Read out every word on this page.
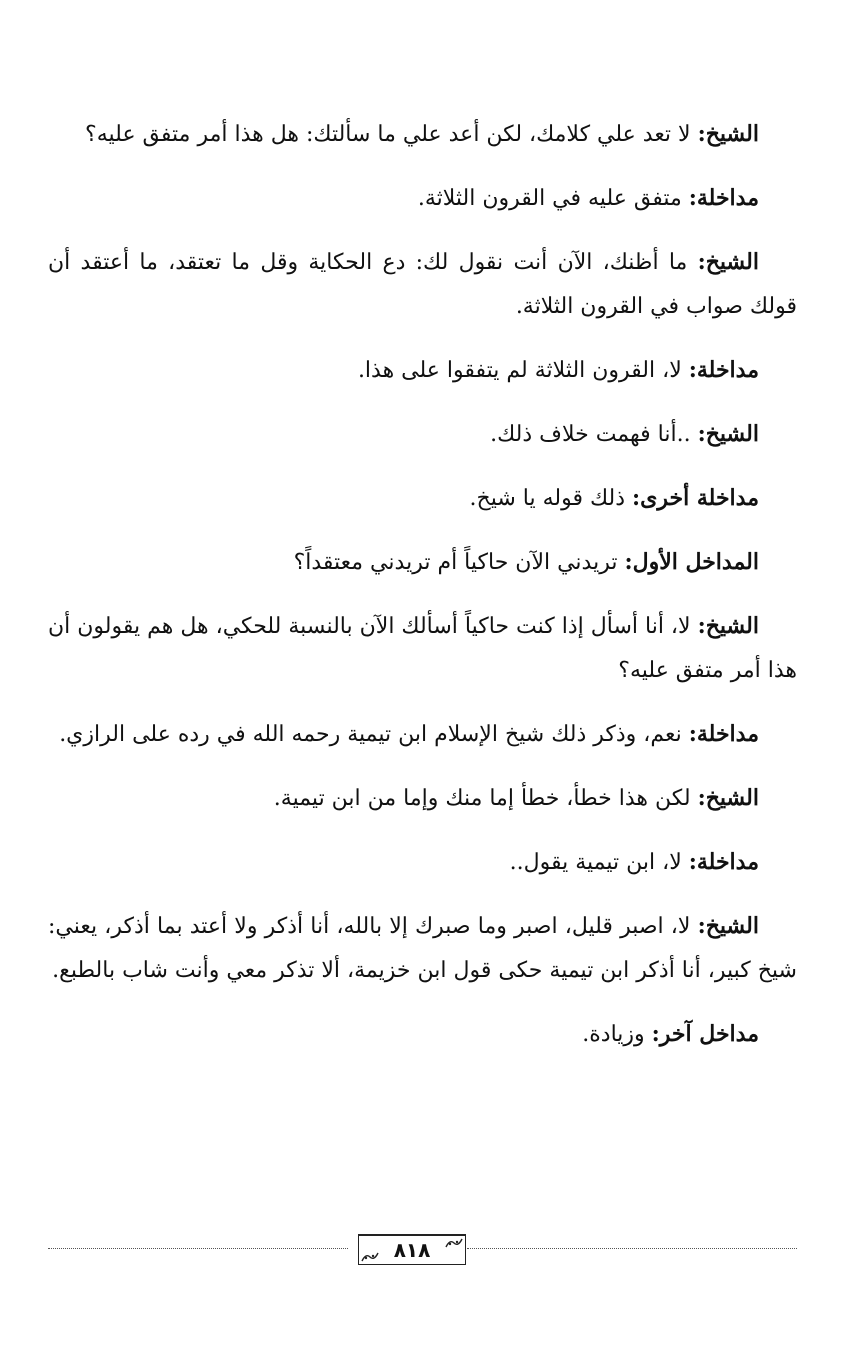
الشيخ: لا تعد علي كلامك، لكن أعد علي ما سألتك: هل هذا أمر متفق عليه؟

مداخلة: متفق عليه في القرون الثلاثة.

الشيخ: ما أظنك، الآن أنت نقول لك: دع الحكاية وقل ما تعتقد، ما أعتقد أن قولك صواب في القرون الثلاثة.

مداخلة: لا، القرون الثلاثة لم يتفقوا على هذا.

الشيخ: ..أنا فهمت خلاف ذلك.

مداخلة أخرى: ذلك قوله يا شيخ.

المداخل الأول: تريدني الآن حاكياً أم تريدني معتقداً؟

الشيخ: لا، أنا أسأل إذا كنت حاكياً أسألك الآن بالنسبة للحكي، هل هم يقولون أن هذا أمر متفق عليه؟

مداخلة: نعم، وذكر ذلك شيخ الإسلام ابن تيمية رحمه الله في رده على الرازي.

الشيخ: لكن هذا خطأ، خطأ إما منك وإما من ابن تيمية.

مداخلة: لا، ابن تيمية يقول..

الشيخ: لا، اصبر قليل، اصبر وما صبرك إلا بالله، أنا أذكر ولا أعتد بما أذكر، يعني: شيخ كبير، أنا أذكر ابن تيمية حكى قول ابن خزيمة، ألا تذكر معي وأنت شاب بالطبع.

مداخل آخر: وزيادة.

٨١٨
